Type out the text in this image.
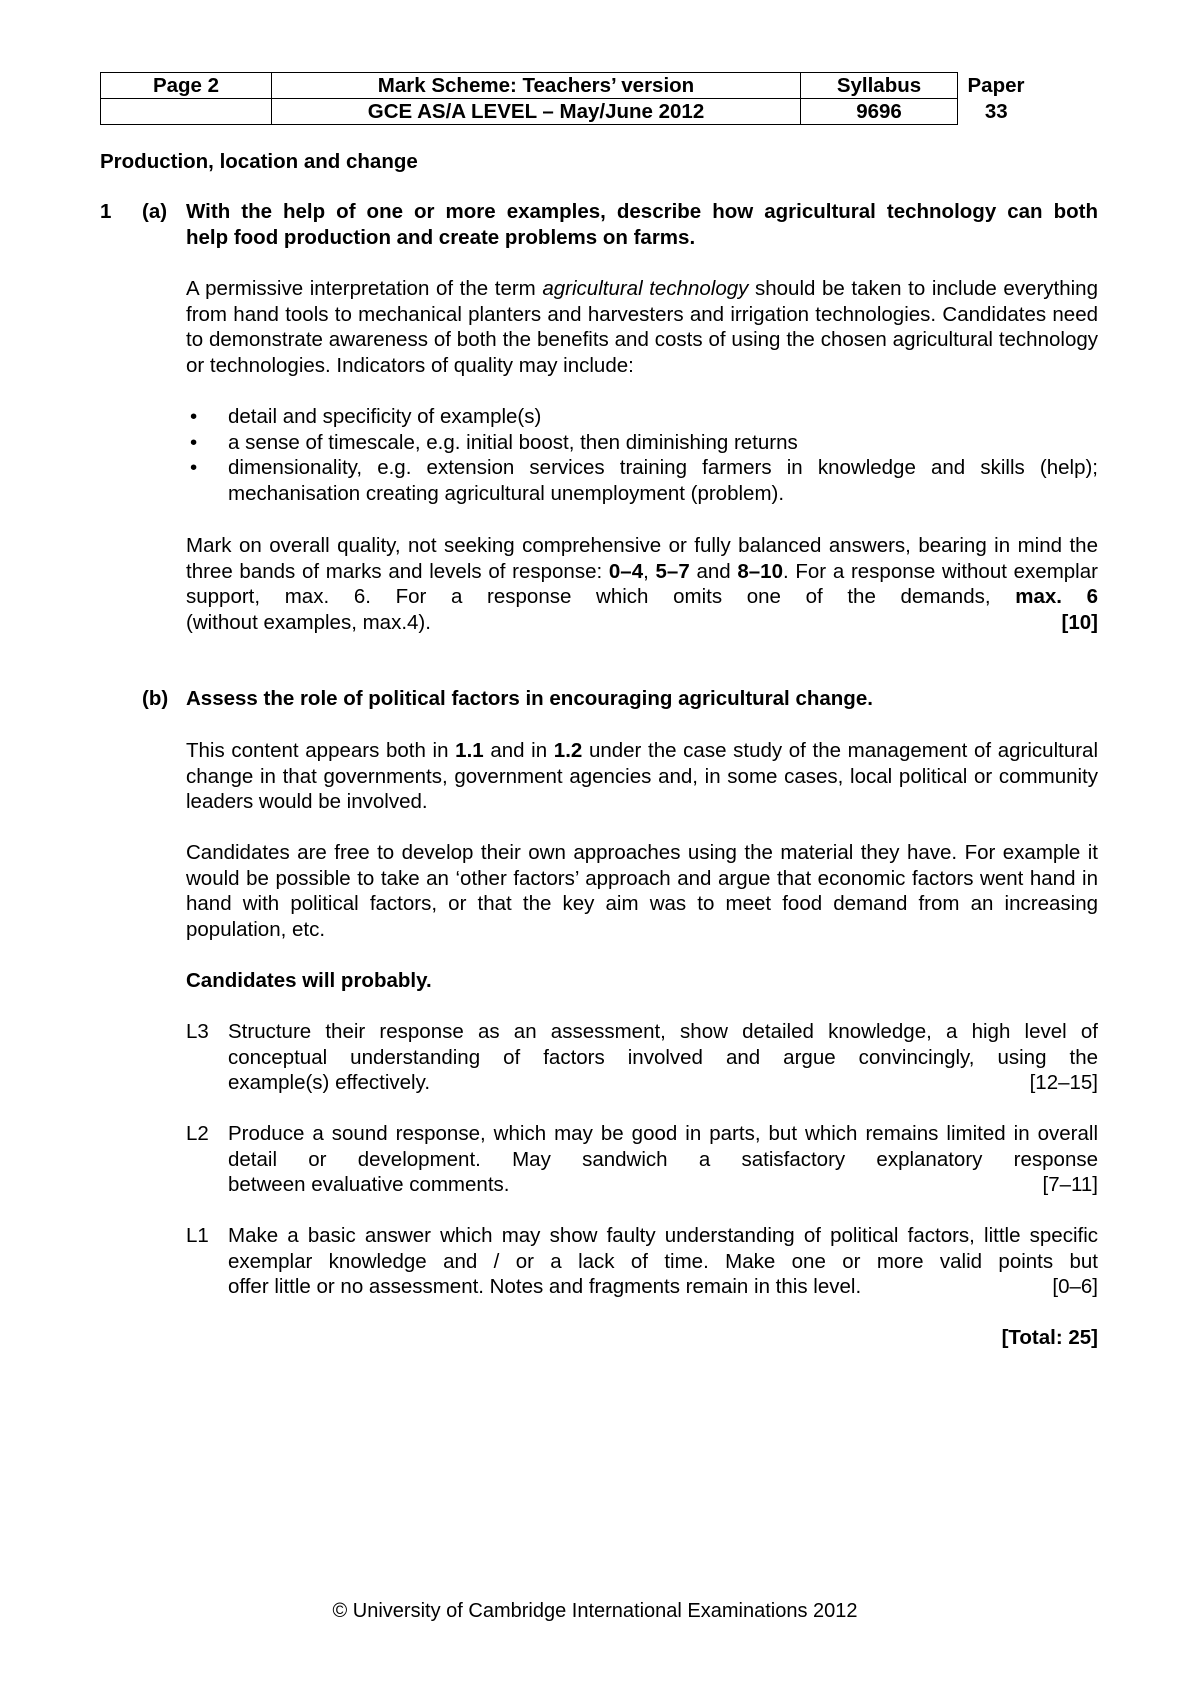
Page 2	Mark Scheme: Teachers’ version	Syllabus	Paper
	GCE AS/A LEVEL – May/June 2012	9696	33
Production, location and change
1 (a) With the help of one or more examples, describe how agricultural technology can both
help food production and create problems on farms.
A permissive interpretation of the term agricultural technology should be taken to include everything from hand tools to mechanical planters and harvesters and irrigation technologies. Candidates need to demonstrate awareness of both the benefits and costs of using the chosen agricultural technology or technologies. Indicators of quality may include:
•	detail and specificity of example(s)
•	a sense of timescale, e.g. initial boost, then diminishing returns
•	dimensionality, e.g. extension services training farmers in knowledge and skills (help); mechanisation creating agricultural unemployment (problem).
Mark on overall quality, not seeking comprehensive or fully balanced answers, bearing in mind the three bands of marks and levels of response: 0–4, 5–7 and 8–10. For a response without exemplar support, max. 6. For a response which omits one of the demands, max. 6
(without examples, max.4).	[10]
(b) Assess the role of political factors in encouraging agricultural change.
This content appears both in 1.1 and in 1.2 under the case study of the management of agricultural change in that governments, government agencies and, in some cases, local political or community leaders would be involved.
Candidates are free to develop their own approaches using the material they have. For example it would be possible to take an ‘other factors’ approach and argue that economic factors went hand in hand with political factors, or that the key aim was to meet food demand from an increasing population, etc.
Candidates will probably.
L3 Structure their response as an assessment, show detailed knowledge, a high level of conceptual understanding of factors involved and argue convincingly, using the
example(s) effectively.	[12–15]
L2 Produce a sound response, which may be good in parts, but which remains limited in overall detail or development. May sandwich a satisfactory explanatory response
between evaluative comments.	[7–11]
L1 Make a basic answer which may show faulty understanding of political factors, little specific exemplar knowledge and / or a lack of time. Make one or more valid points but
offer little or no assessment. Notes and fragments remain in this level.	[0–6]
[Total: 25]
© University of Cambridge International Examinations 2012
